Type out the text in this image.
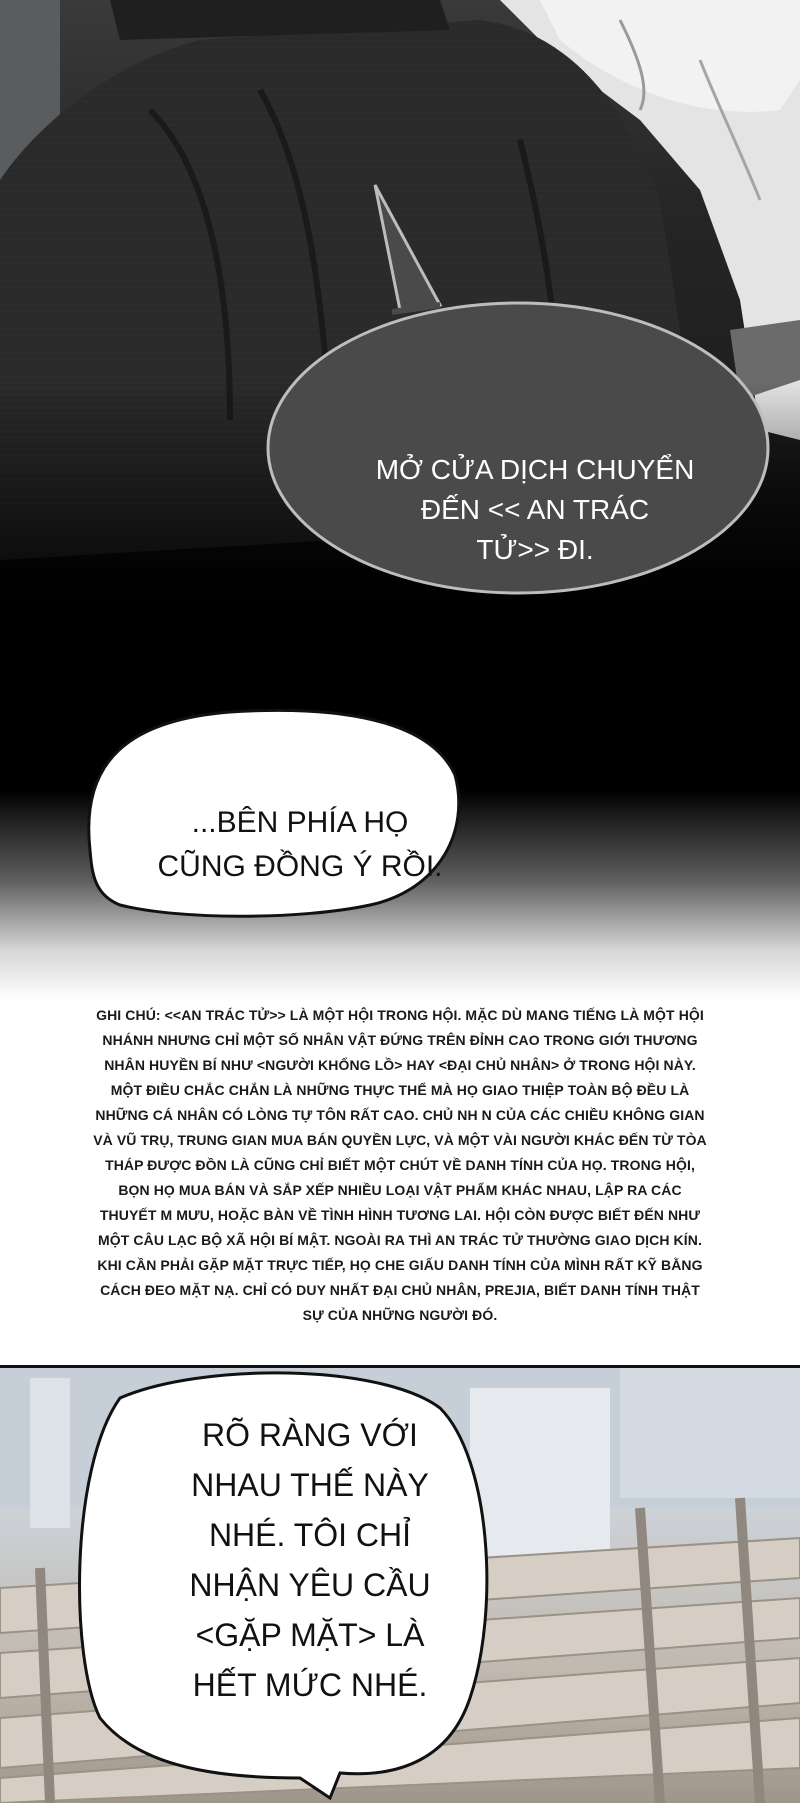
MỞ CỬA DỊCH CHUYỂN
ĐẾN << AN TRÁC
TỬ>> ĐI.
...BÊN PHÍA HỌ
CŨNG ĐỒNG Ý RỒI.
GHI CHÚ: <<AN TRÁC TỬ>> LÀ MỘT HỘI TRONG HỘI. MẶC DÙ MANG TIẾNG LÀ MỘT HỘI NHÁNH NHƯNG CHỈ MỘT SỐ NHÂN VẬT ĐỨNG TRÊN ĐỈNH CAO TRONG GIỚI THƯƠNG NHÂN HUYỀN BÍ NHƯ <NGƯỜI KHỔNG LỒ> HAY <ĐẠI CHỦ NHÂN> Ở TRONG HỘI NÀY. MỘT ĐIỀU CHẮC CHẮN LÀ NHỮNG THỰC THỂ MÀ HỌ GIAO THIỆP TOÀN BỘ ĐỀU LÀ NHỮNG CÁ NHÂN CÓ LÒNG TỰ TÔN RẤT CAO. CHỦ NH N CỦA CÁC CHIỀU KHÔNG GIAN VÀ VŨ TRỤ, TRUNG GIAN MUA BÁN QUYỀN LỰC, VÀ MỘT VÀI NGƯỜI KHÁC ĐẾN TỪ TÒA THÁP ĐƯỢC ĐỒN LÀ CŨNG CHỈ BIẾT MỘT CHÚT VỀ DANH TÍNH CỦA HỌ. TRONG HỘI, BỌN HỌ MUA BÁN VÀ SẮP XẾP NHIỀU LOẠI VẬT PHẨM KHÁC NHAU, LẬP RA CÁC THUYẾT M MƯU, HOẶC BÀN VỀ TÌNH HÌNH TƯƠNG LAI. HỘI CÒN ĐƯỢC BIẾT ĐẾN NHƯ MỘT CÂU LẠC BỘ XÃ HỘI BÍ MẬT. NGOÀI RA THÌ AN TRÁC TỬ THƯỜNG GIAO DỊCH KÍN. KHI CẦN PHẢI GẶP MẶT TRỰC TIẾP, HỌ CHE GIẤU DANH TÍNH CỦA MÌNH RẤT KỸ BẰNG CÁCH ĐEO MẶT NẠ. CHỈ CÓ DUY NHẤT ĐẠI CHỦ NHÂN, PREJIA, BIẾT DANH TÍNH THẬT SỰ CỦA NHỮNG NGƯỜI ĐÓ.
RÕ RÀNG VỚI
NHAU THẾ NÀY
NHÉ. TÔI CHỈ
NHẬN YÊU CẦU
<GẶP MẶT> LÀ
HẾT MỨC NHÉ.
